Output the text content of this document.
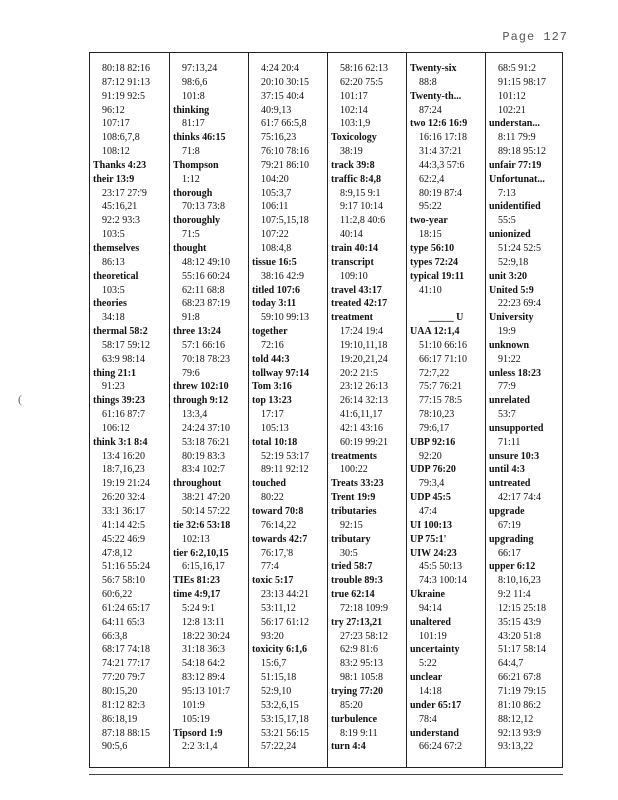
Page 127
(
80:18 82:16
87:12 91:13
91:19 92:5
96:12
107:17
108:6,7,8
108:12
Thanks 4:23
their 13:9
23:17 27:'9
45:16,21
92:2 93:3
103:5
themselves
86:13
theoretical
103:5
theories
34:18
thermal 58:2
58:17 59:12
63:9 98:14
thing 21:1
91:23
things 39:23
61:16 87:7
106:12
think 3:1 8:4
13:4 16:20
18:7,16,23
19:19 21:24
26:20 32:4
33:1 36:17
41:14 42:5
45:22 46:9
47:8,12
51:16 55:24
56:7 58:10
60:6,22
61:24 65:17
64:11 65:3
66:3,8
68:17 74:18
74:21 77:17
77:20 79:7
80:15,20
81:12 82:3
86:18,19
87:18 88:15
90:5,6
97:13,24
98:6,6
101:8
thinking
81:17
thinks 46:15
71:8
Thompson
1:12
thorough
70:13 73:8
thoroughly
71:5
thought
48:12 49:10
55:16 60:24
62:11 68:8
68:23 87:19
91:8
three 13:24
57:1 66:16
70:18 78:23
79:6
threw 102:10
through 9:12
13:3,4
24:24 37:10
53:18 76:21
80:19 83:3
83:4 102:7
throughout
38:21 47:20
50:14 57:22
tie 32:6 53:18
102:13
tier 6:2,10,15
6:15,16,17
TIEs 81:23
time 4:9,17
5:24 9:1
12:8 13:11
18:22 30:24
31:18 36:3
54:18 64:2
83:12 89:4
95:13 101:7
101:9
105:19
Tipsord 1:9
2:2 3:1,4
4:24 20:4
20:10 30:15
37:15 40:4
40:9,13
61:7 66:5,8
75:16,23
76:10 78:16
79:21 86:10
104:20
105:3,7
106:11
107:5,15,18
107:22
108:4,8
tissue 16:5
38:16 42:9
titled 107:6
today 3:11
59:10 99:13
together
72:16
told 44:3
tollway 97:14
Tom 3:16
top 13:23
17:17
105:13
total 10:18
52:19 53:17
89:11 92:12
touched
80:22
toward 70:8
76:14,22
towards 42:7
76:17,'8
77:4
toxic 5:17
23:13 44:21
53:11,12
56:17 61:12
93:20
toxicity 6:1,6
15:6,7
51:15,18
52:9,10
53:2,6,15
53:15,17,18
53:21 56:15
57:22,24
58:16 62:13
62:20 75:5
101:17
102:14
103:1,9
Toxicology
38:19
track 39:8
traffic 8:4,8
8:9,15 9:1
9:17 10:14
11:2,8 40:6
40:14
train 40:14
transcript
109:10
travel 43:17
treated 42:17
treatment
17:24 19:4
19:10,11,18
19:20,21,24
20:2 21:5
23:12 26:13
26:14 32:13
41:6,11,17
42:1 43:16
60:19 99:21
treatments
100:22
Treats 33:23
Trent 19:9
tributaries
92:15
tributary
30:5
tried 58:7
trouble 89:3
true 62:14
72:18 109:9
try 27:13,21
27:23 58:12
62:9 81:6
83:2 95:13
98:1 105:8
trying 77:20
85:20
turbulence
8:19 9:11
turn 4:4
Twenty-six
88:8
Twenty-th...
87:24
two 12:6 16:9
16:16 17:18
31:4 37:21
44:3,3 57:6
62:2,4
80:19 87:4
95:22
two-year
18:15
type 56:10
types 72:24
typical 19:11
41:10
_____ U
UAA 12:1,4
51:10 66:16
66:17 71:10
72:7,22
75:7 76:21
77:15 78:5
78:10,23
79:6,17
UBP 92:16
92:20
UDP 76:20
79:3,4
UDP 45:5
47:4
UI 100:13
UP 75:1'
UIW 24:23
45:5 50:13
74:3 100:14
Ukraine
94:14
unaltered
101:19
uncertainty
5:22
unclear
14:18
under 65:17
78:4
understand
66:24 67:2
68:5 91:2
91:15 98:17
101:12
102:21
understan...
8:11 79:9
89:18 95:12
unfair 77:19
Unfortunat...
7:13
unidentified
55:5
unionized
51:24 52:5
52:9,18
unit 3:20
United 5:9
22:23 69:4
University
19:9
unknown
91:22
unless 18:23
77:9
unrelated
53:7
unsupported
71:11
unsure 10:3
until 4:3
untreated
42:17 74:4
upgrade
67:19
upgrading
66:17
upper 6:12
8:10,16,23
9:2 11:4
12:15 25:18
35:15 43:9
43:20 51:8
51:17 58:14
64:4,7
66:21 67:8
71:19 79:15
81:10 86:2
88:12,12
92:13 93:9
93:13,22
